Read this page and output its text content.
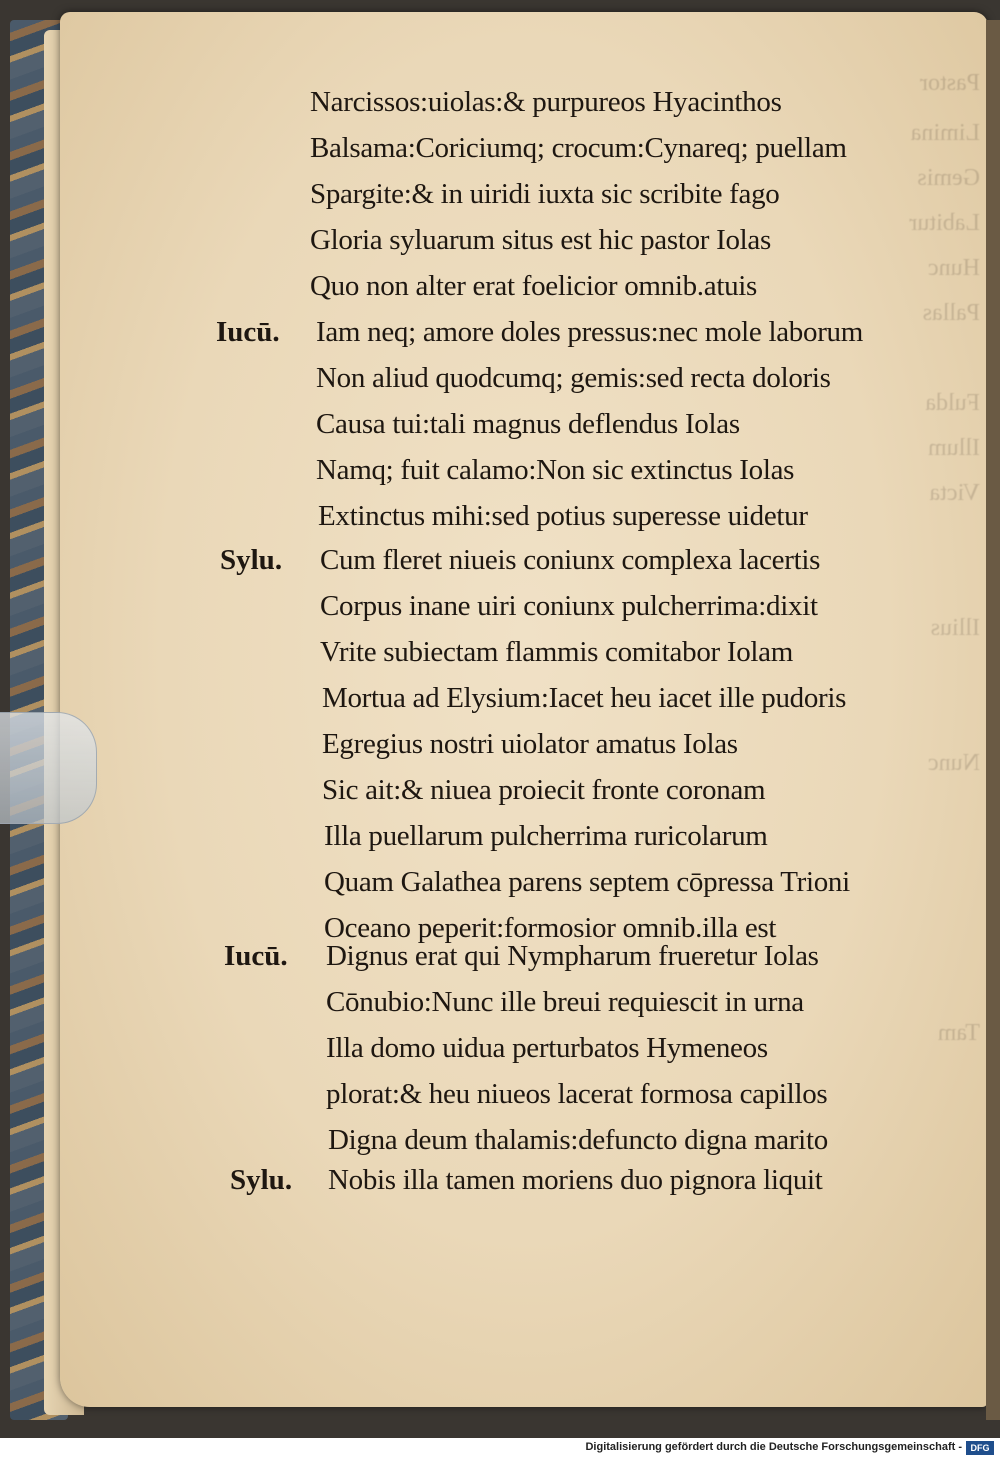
Pastor
Limina
Gemis
Labitur
Hunc
Pallas
Fulda
Illum
Victa
Illius
Nunc
Tam
Narcissos:uiolas:& purpureos Hyacinthos
Balsama:Coriciumq; crocum:Cynareq; puellam
Spargite:& in uiridi iuxta sic scribite fago
Gloria syluarum situs est hic pastor Iolas
Quo non alter erat foelicior omnib.atuis
Iucū. Iam neq; amore doles pressus:nec mole laborum
Non aliud quodcumq; gemis:sed recta doloris
Causa tui:tali magnus deflendus Iolas
Namq; fuit calamo:Non sic extinctus Iolas
Extinctus mihi:sed potius superesse uidetur
Sylu. Cum fleret niueis coniunx complexa lacertis
Corpus inane uiri coniunx pulcherrima:dixit
Vrite subiectam flammis comitabor Iolam
Mortua ad Elysium:Iacet heu iacet ille pudoris
Egregius nostri uiolator amatus Iolas
Sic ait:& niuea proiecit fronte coronam
Illa puellarum pulcherrima ruricolarum
Quam Galathea parens septem cōpressa Trioni
Oceano peperit:formosior omnib.illa est
Iucū. Dignus erat qui Nympharum frueretur Iolas
Cōnubio:Nunc ille breui requiescit in urna
Illa domo uidua perturbatos Hymeneos
plorat:& heu niueos lacerat formosa capillos
Digna deum thalamis:defuncto digna marito
Sylu. Nobis illa tamen moriens duo pignora liquit
Digitalisierung gefördert durch die Deutsche Forschungsgemeinschaft - DFG
